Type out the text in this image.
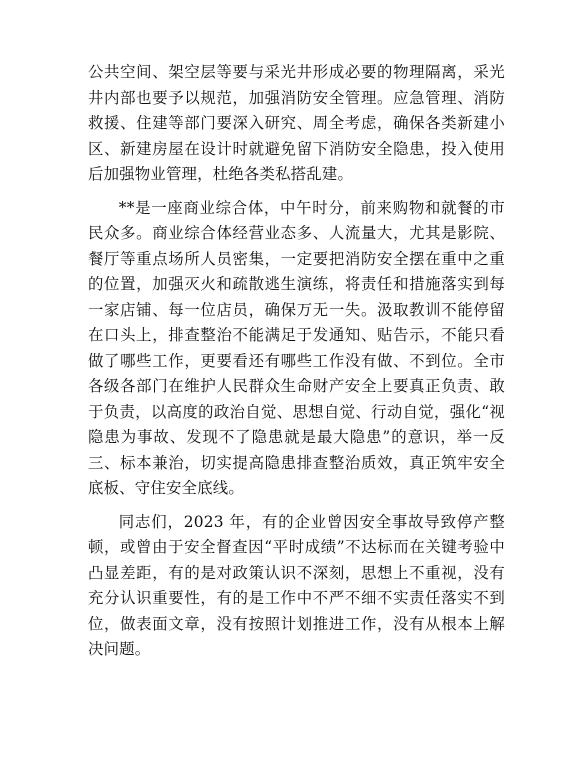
公共空间、架空层等要与采光井形成必要的物理隔离，采光井内部也要予以规范，加强消防安全管理。应急管理、消防救援、住建等部门要深入研究、周全考虑，确保各类新建小区、新建房屋在设计时就避免留下消防安全隐患，投入使用后加强物业管理，杜绝各类私搭乱建。

**是一座商业综合体，中午时分，前来购物和就餐的市民众多。商业综合体经营业态多、人流量大，尤其是影院、餐厅等重点场所人员密集，一定要把消防安全摆在重中之重的位置，加强灭火和疏散逃生演练，将责任和措施落实到每一家店铺、每一位店员，确保万无一失。汲取教训不能停留在口头上，排查整治不能满足于发通知、贴告示，不能只看做了哪些工作，更要看还有哪些工作没有做、不到位。全市各级各部门在维护人民群众生命财产安全上要真正负责、敢于负责，以高度的政治自觉、思想自觉、行动自觉，强化“视隐患为事故、发现不了隐患就是最大隐患”的意识，举一反三、标本兼治，切实提高隐患排查整治质效，真正筑牢安全底板、守住安全底线。

同志们，2023 年，有的企业曾因安全事故导致停产整顿，或曾由于安全督查因“平时成绩”不达标而在关键考验中凸显差距，有的是对政策认识不深刻，思想上不重视，没有充分认识重要性，有的是工作中不严不细不实责任落实不到位，做表面文章，没有按照计划推进工作，没有从根本上解决问题。
